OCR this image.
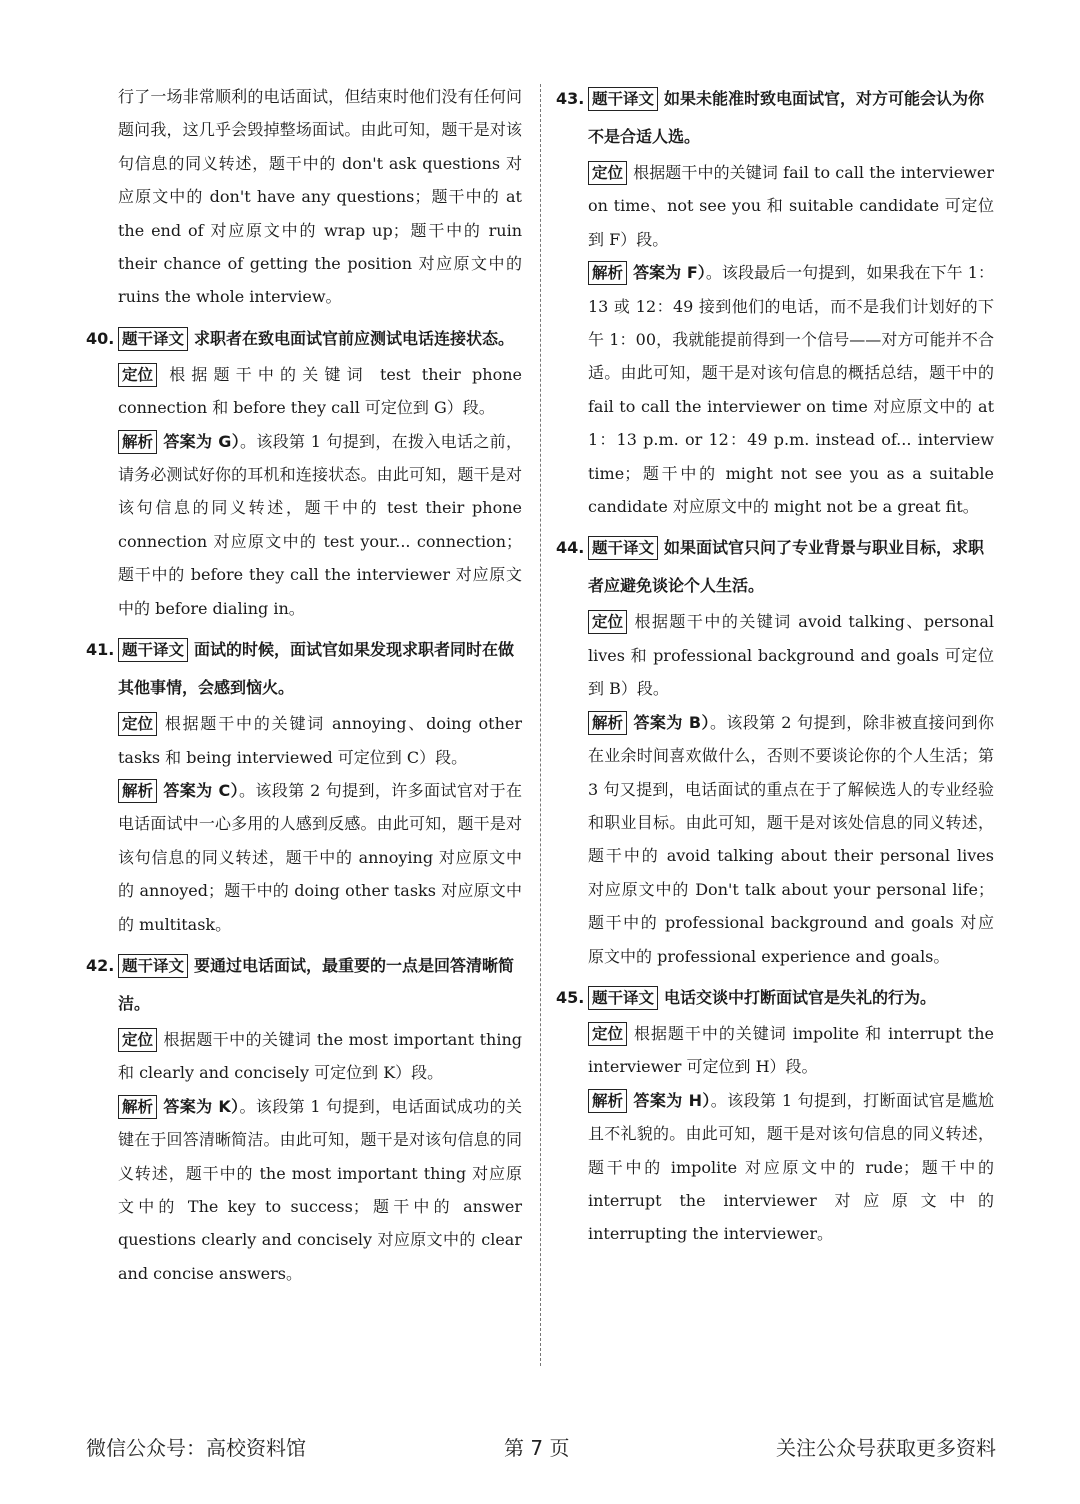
行了一场非常顺利的电话面试，但结束时他们没有任何问题问我，这几乎会毁掉整场面试。由此可知，题干是对该句信息的同义转述，题干中的 don't ask questions 对应原文中的 don't have any questions；题干中的 at the end of 对应原文中的 wrap up；题干中的 ruin their chance of getting the position 对应原文中的 ruins the whole interview。

40. 题干译文 求职者在致电面试官前应测试电话连接状态。

定位 根据题干中的关键词 test their phone connection 和 before they call 可定位到 G）段。

解析 答案为 G）。该段第 1 句提到，在拨入电话之前，请务必测试好你的耳机和连接状态。由此可知，题干是对该句信息的同义转述，题干中的 test their phone connection 对应原文中的 test your... connection；题干中的 before they call the interviewer 对应原文中的 before dialing in。

41. 题干译文 面试的时候，面试官如果发现求职者同时在做其他事情，会感到恼火。

定位 根据题干中的关键词 annoying、doing other tasks 和 being interviewed 可定位到 C）段。

解析 答案为 C）。该段第 2 句提到，许多面试官对于在电话面试中一心多用的人感到反感。由此可知，题干是对该句信息的同义转述，题干中的 annoying 对应原文中的 annoyed；题干中的 doing other tasks 对应原文中的 multitask。

42. 题干译文 要通过电话面试，最重要的一点是回答清晰简洁。

定位 根据题干中的关键词 the most important thing 和 clearly and concisely 可定位到 K）段。

解析 答案为 K）。该段第 1 句提到，电话面试成功的关键在于回答清晰简洁。由此可知，题干是对该句信息的同义转述，题干中的 the most important thing 对应原文中的 The key to success；题干中的 answer questions clearly and concisely 对应原文中的 clear and concise answers。

43. 题干译文 如果未能准时致电面试官，对方可能会认为你不是合适人选。

定位 根据题干中的关键词 fail to call the interviewer on time、not see you 和 suitable candidate 可定位到 F）段。

解析 答案为 F）。该段最后一句提到，如果我在下午 1：13 或 12：49 接到他们的电话，而不是我们计划好的下午 1：00，我就能提前得到一个信号——对方可能并不合适。由此可知，题干是对该句信息的概括总结，题干中的 fail to call the interviewer on time 对应原文中的 at 1：13 p.m. or 12：49 p.m. instead of... interview time；题干中的 might not see you as a suitable candidate 对应原文中的 might not be a great fit。

44. 题干译文 如果面试官只问了专业背景与职业目标，求职者应避免谈论个人生活。

定位 根据题干中的关键词 avoid talking、personal lives 和 professional background and goals 可定位到 B）段。

解析 答案为 B）。该段第 2 句提到，除非被直接问到你在业余时间喜欢做什么，否则不要谈论你的个人生活；第 3 句又提到，电话面试的重点在于了解候选人的专业经验和职业目标。由此可知，题干是对该处信息的同义转述，题干中的 avoid talking about their personal lives 对应原文中的 Don't talk about your personal life；题干中的 professional background and goals 对应原文中的 professional experience and goals。

45. 题干译文 电话交谈中打断面试官是失礼的行为。

定位 根据题干中的关键词 impolite 和 interrupt the interviewer 可定位到 H）段。

解析 答案为 H）。该段第 1 句提到，打断面试官是尴尬且不礼貌的。由此可知，题干是对该句信息的同义转述，题干中的 impolite 对应原文中的 rude；题干中的 interrupt the interviewer 对应原文中的 interrupting the interviewer。

微信公众号：高校资料馆	第 7 页	关注公众号获取更多资料
